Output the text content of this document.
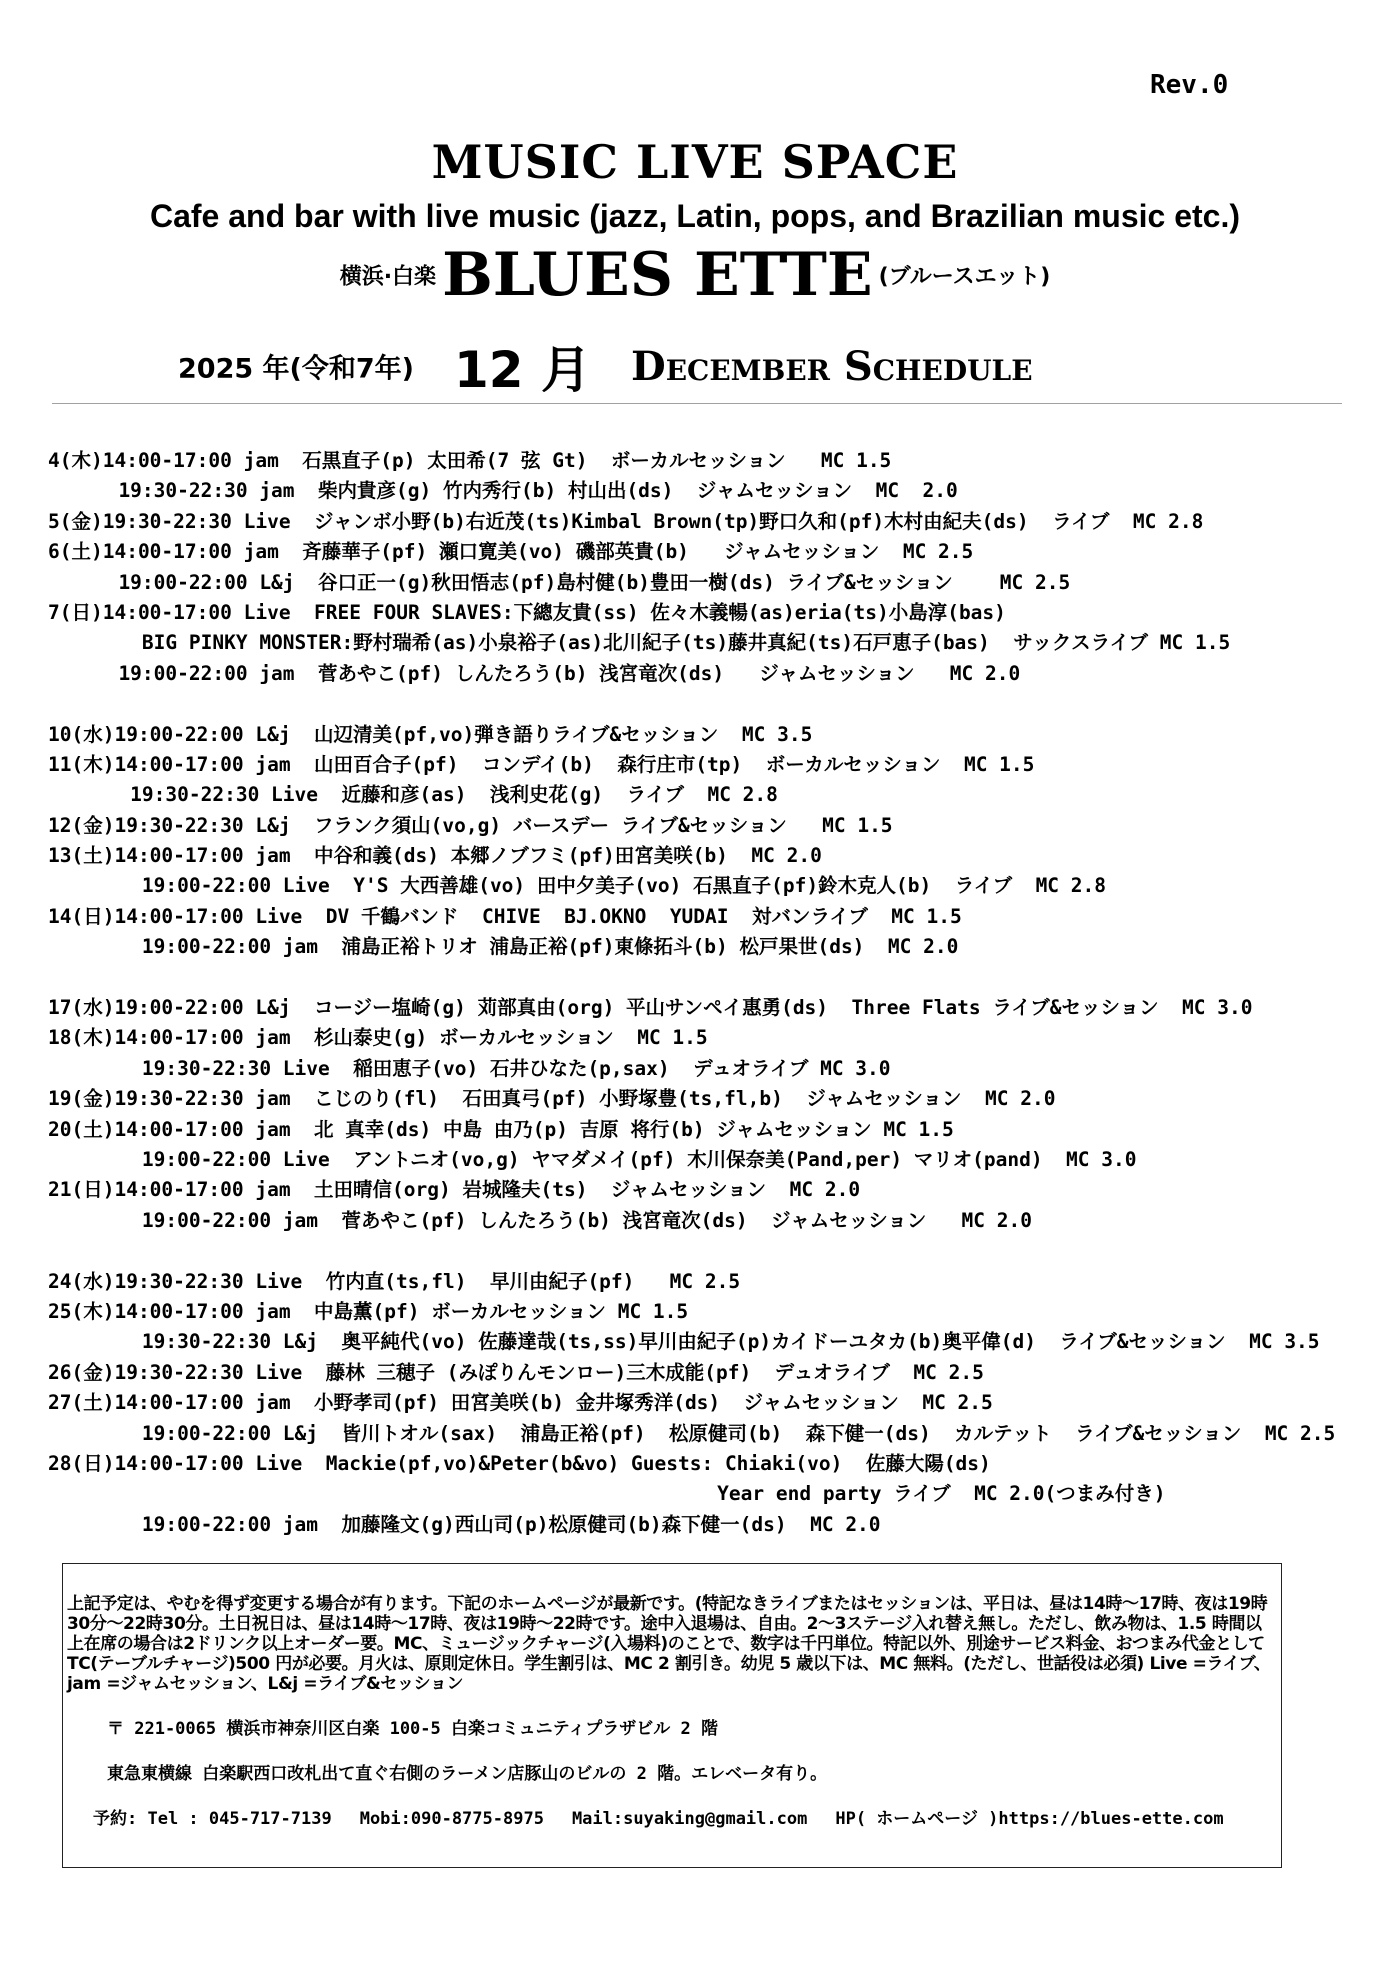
Rev.0
MUSIC LIVE SPACE
Cafe and bar with live music (jazz, Latin, pops, and Brazilian music etc.)
横浜·白楽 BLUES ETTE (ブルースエット)
2025 年(令和7年) 12 月 December Schedule
4(木)14:00-17:00 jam  石黒直子(p) 太田希(7 弦 Gt)  ボーカルセッション   MC 1.5
19:30-22:30 jam  柴内貴彦(g) 竹内秀行(b) 村山出(ds)  ジャムセッション  MC  2.0
5(金)19:30-22:30 Live  ジャンボ小野(b)右近茂(ts)Kimbal Brown(tp)野口久和(pf)木村由紀夫(ds)  ライブ  MC 2.8
6(土)14:00-17:00 jam  斉藤華子(pf) 瀬口寛美(vo) 磯部英貴(b)   ジャムセッション  MC 2.5
19:00-22:00 L&j  谷口正一(g)秋田悟志(pf)島村健(b)豊田一樹(ds) ライブ&セッション    MC 2.5
7(日)14:00-17:00 Live  FREE FOUR SLAVES:下總友貴(ss) 佐々木義暢(as)eria(ts)小島淳(bas)
BIG PINKY MONSTER:野村瑞希(as)小泉裕子(as)北川紀子(ts)藤井真紀(ts)石戸恵子(bas)  サックスライブ MC 1.5
19:00-22:00 jam  菅あやこ(pf) しんたろう(b) 浅宮竜次(ds)   ジャムセッション   MC 2.0
10(水)19:00-22:00 L&j  山辺清美(pf,vo)弾き語りライブ&セッション  MC 3.5
11(木)14:00-17:00 jam  山田百合子(pf)  コンデイ(b)  森行庄市(tp)  ボーカルセッション  MC 1.5
19:30-22:30 Live  近藤和彦(as)  浅利史花(g)  ライブ  MC 2.8
12(金)19:30-22:30 L&j  フランク須山(vo,g) バースデー ライブ&セッション   MC 1.5
13(土)14:00-17:00 jam  中谷和義(ds) 本郷ノブフミ(pf)田宮美咲(b)  MC 2.0
19:00-22:00 Live  Y'S 大西善雄(vo) 田中夕美子(vo) 石黒直子(pf)鈴木克人(b)  ライブ  MC 2.8
14(日)14:00-17:00 Live  DV 千鶴バンド  CHIVE  BJ.OKNO  YUDAI  対バンライブ  MC 1.5
19:00-22:00 jam  浦島正裕トリオ 浦島正裕(pf)東條拓斗(b) 松戸果世(ds)  MC 2.0
17(水)19:00-22:00 L&j  コージー塩崎(g) 苅部真由(org) 平山サンペイ惠勇(ds)  Three Flats ライブ&セッション  MC 3.0
18(木)14:00-17:00 jam  杉山泰史(g) ボーカルセッション  MC 1.5
19:30-22:30 Live  稲田恵子(vo) 石井ひなた(p,sax)  デュオライブ MC 3.0
19(金)19:30-22:30 jam  こじのり(fl)  石田真弓(pf) 小野塚豊(ts,fl,b)  ジャムセッション  MC 2.0
20(土)14:00-17:00 jam  北 真幸(ds) 中島 由乃(p) 吉原 将行(b) ジャムセッション MC 1.5
19:00-22:00 Live  アントニオ(vo,g) ヤマダメイ(pf) 木川保奈美(Pand,per) マリオ(pand)  MC 3.0
21(日)14:00-17:00 jam  土田晴信(org) 岩城隆夫(ts)  ジャムセッション  MC 2.0
19:00-22:00 jam  菅あやこ(pf) しんたろう(b) 浅宮竜次(ds)  ジャムセッション   MC 2.0
24(水)19:30-22:30 Live  竹内直(ts,fl)  早川由紀子(pf)   MC 2.5
25(木)14:00-17:00 jam  中島薫(pf) ボーカルセッション MC 1.5
19:30-22:30 L&j  奥平純代(vo) 佐藤達哉(ts,ss)早川由紀子(p)カイドーユタカ(b)奥平偉(d)  ライブ&セッション  MC 3.5
26(金)19:30-22:30 Live  藤林 三穂子 (みぽりんモンロー)三木成能(pf)  デュオライブ  MC 2.5
27(土)14:00-17:00 jam  小野孝司(pf) 田宮美咲(b) 金井塚秀洋(ds)  ジャムセッション  MC 2.5
19:00-22:00 L&j  皆川トオル(sax)  浦島正裕(pf)  松原健司(b)  森下健一(ds)  カルテット  ライブ&セッション  MC 2.5
28(日)14:00-17:00 Live  Mackie(pf,vo)&Peter(b&vo) Guests: Chiaki(vo)  佐藤大陽(ds)
Year end party ライブ  MC 2.0(つまみ付き)
19:00-22:00 jam  加藤隆文(g)西山司(p)松原健司(b)森下健一(ds)  MC 2.0
上記予定は、やむを得ず変更する場合が有ります。下記のホームページが最新です。(特記なきライブまたはセッションは、平日は、昼は14時～17時、夜は19時30分～22時30分。土日祝日は、昼は14時～17時、夜は19時～22時です。途中入退場は、自由。2～3ステージ入れ替え無し。ただし、飲み物は、1.5 時間以上在席の場合は2ドリンク以上オーダー要。MC、ミュージックチャージ(入場料)のことで、数字は千円単位。特記以外、別途サービス料金、おつまみ代金としてTC(テーブルチャージ)500 円が必要。月火は、原則定休日。学生割引は、MC 2 割引き。幼児 5 歳以下は、MC 無料。(ただし、世話役は必須) Live =ライブ、jam =ジャムセッション、L&j =ライブ&セッション
〒 221-0065 横浜市神奈川区白楽 100-5 白楽コミュニティプラザビル 2 階
東急東横線 白楽駅西口改札出て直ぐ右側のラーメン店豚山のビルの 2 階。エレベータ有り。
予約: Tel : 045-717-7139 Mobi:090-8775-8975 Mail:suyaking@gmail.com HP( ホームページ )https://blues-ette.com
